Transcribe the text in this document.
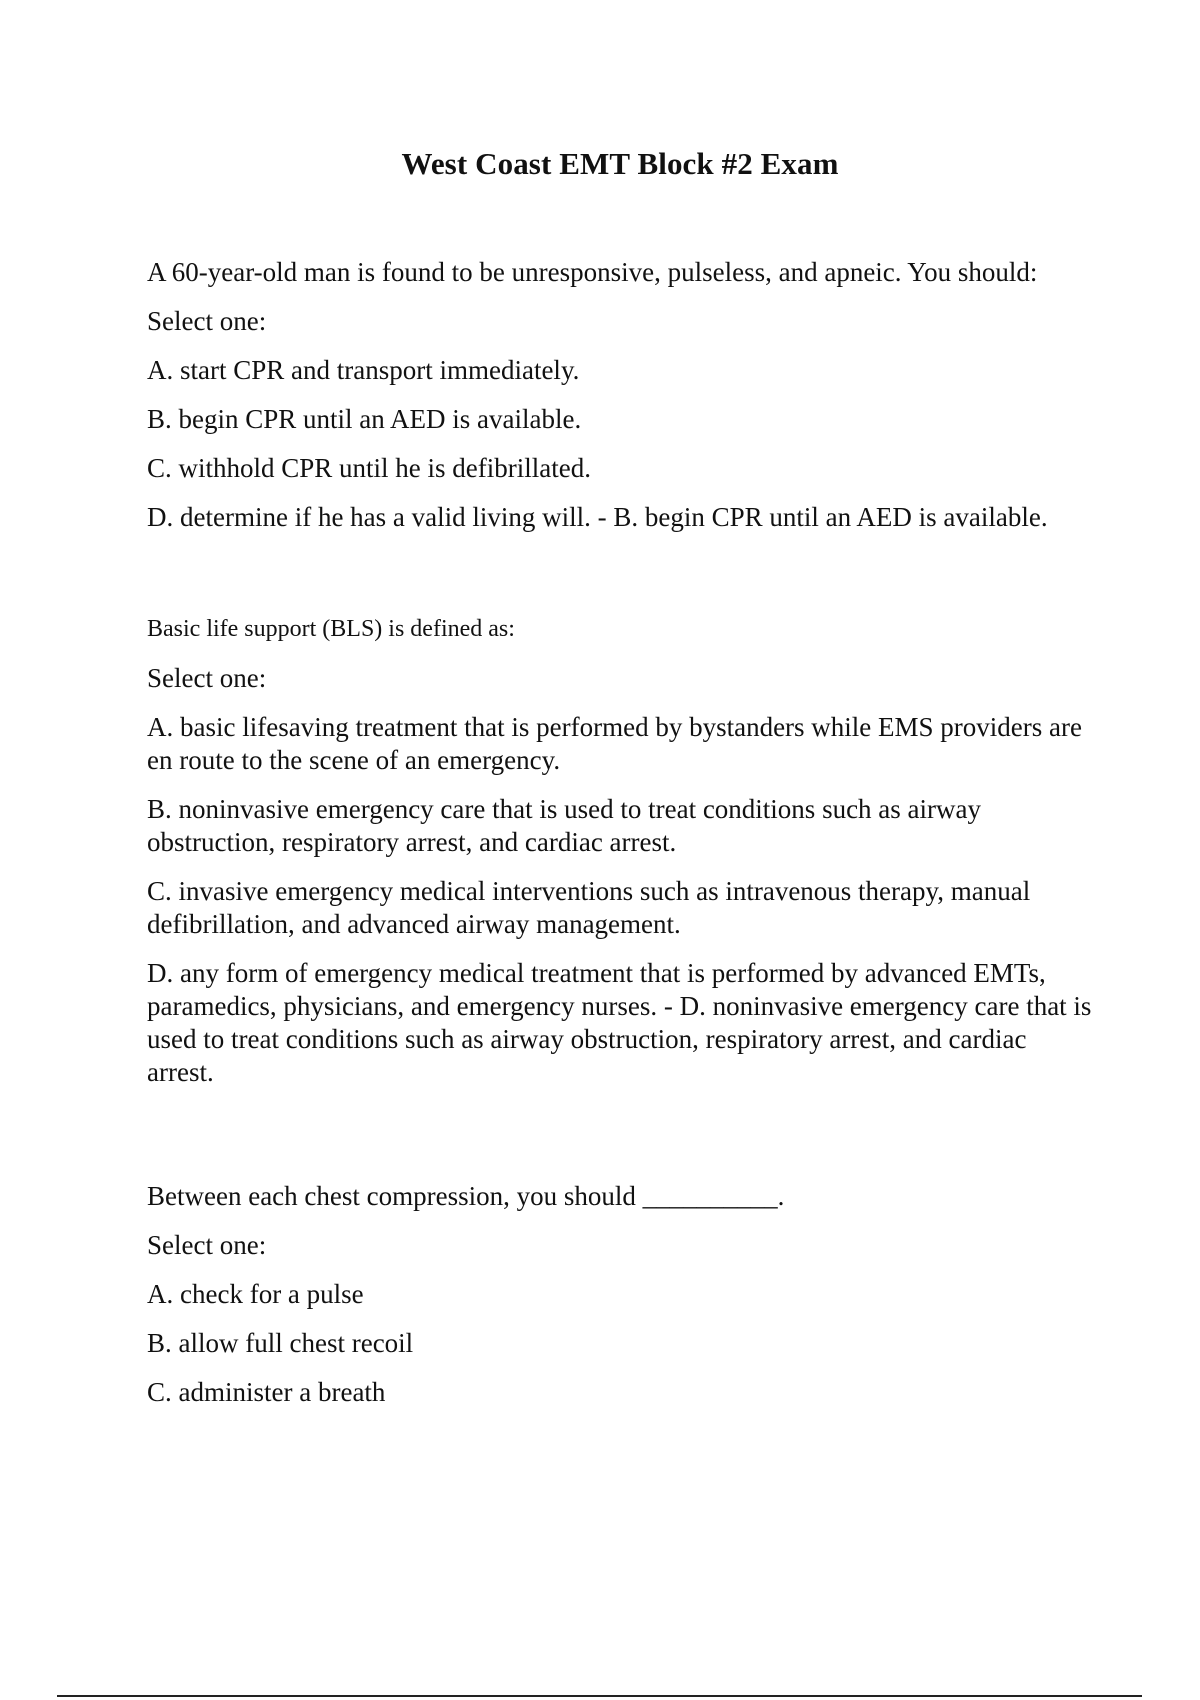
West Coast EMT Block #2 Exam

A 60-year-old man is found to be unresponsive, pulseless, and apneic. You should:

Select one:

A. start CPR and transport immediately.

B. begin CPR until an AED is available.

C. withhold CPR until he is defibrillated.

D. determine if he has a valid living will. - B. begin CPR until an AED is available.

Basic life support (BLS) is defined as:

Select one:

A. basic lifesaving treatment that is performed by bystanders while EMS providers are en route to the scene of an emergency.

B. noninvasive emergency care that is used to treat conditions such as airway obstruction, respiratory arrest, and cardiac arrest.

C. invasive emergency medical interventions such as intravenous therapy, manual defibrillation, and advanced airway management.

D. any form of emergency medical treatment that is performed by advanced EMTs, paramedics, physicians, and emergency nurses. - D. noninvasive emergency care that is used to treat conditions such as airway obstruction, respiratory arrest, and cardiac arrest.

Between each chest compression, you should __________.

Select one:

A. check for a pulse

B. allow full chest recoil

C. administer a breath
